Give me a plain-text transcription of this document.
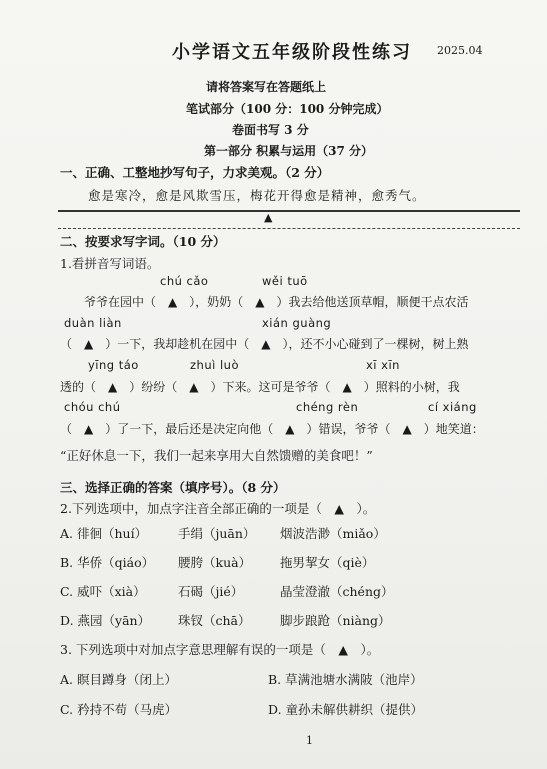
小学语文五年级阶段性练习 2025.04
请将答案写在答题纸上
笔试部分（100 分：100 分钟完成）
卷面书写 3 分
第一部分 积累与运用（37 分）
一、正确、工整地抄写句子，力求美观。（2 分）
愈是寒冷，愈是风欺雪压，梅花开得愈是精神，愈秀气。
▲
二、按要求写字词。（10 分）
1.看拼音写词语。
chú cǎo	wěi tuō
爷爷在园中（　▲　），奶奶（　▲　）我去给他送顶草帽，顺便干点农活
duàn liàn	xián guàng
（　▲　）一下，我却趁机在园中（　▲　），还不小心碰到了一棵树，树上熟
yīng táo	zhuì luò	xī xīn
透的（　▲　）纷纷（　▲　）下来。这可是爷爷（　▲　）照料的小树，我
chóu chú	chéng rèn	cí xiáng
（　▲　）了一下，最后还是决定向他（　▲　）错误，爷爷（　▲　）地笑道：
“正好休息一下，我们一起来享用大自然馈赠的美食吧！”
三、选择正确的答案（填序号）。（8 分）
2.下列选项中，加点字注音全部正确的一项是（　▲　）。
A. 徘徊（huí） 手绢（juān） 烟波浩渺（miǎo）
B. 华侨（qiáo） 腰胯（kuà） 拖男挈女（qiè）
C. 威吓（xià）	石碣（jié）	晶莹澄澈（chéng）
D. 燕园（yān） 珠钗（chā） 脚步踉跄（niàng）
3. 下列选项中对加点字意思理解有误的一项是（　▲　）。
A. 瞑目蹲身（闭上）	B. 草满池塘水满陂（池岸）
C. 矜持不苟（马虎）	D. 童孙未解供耕织（提供）
1
